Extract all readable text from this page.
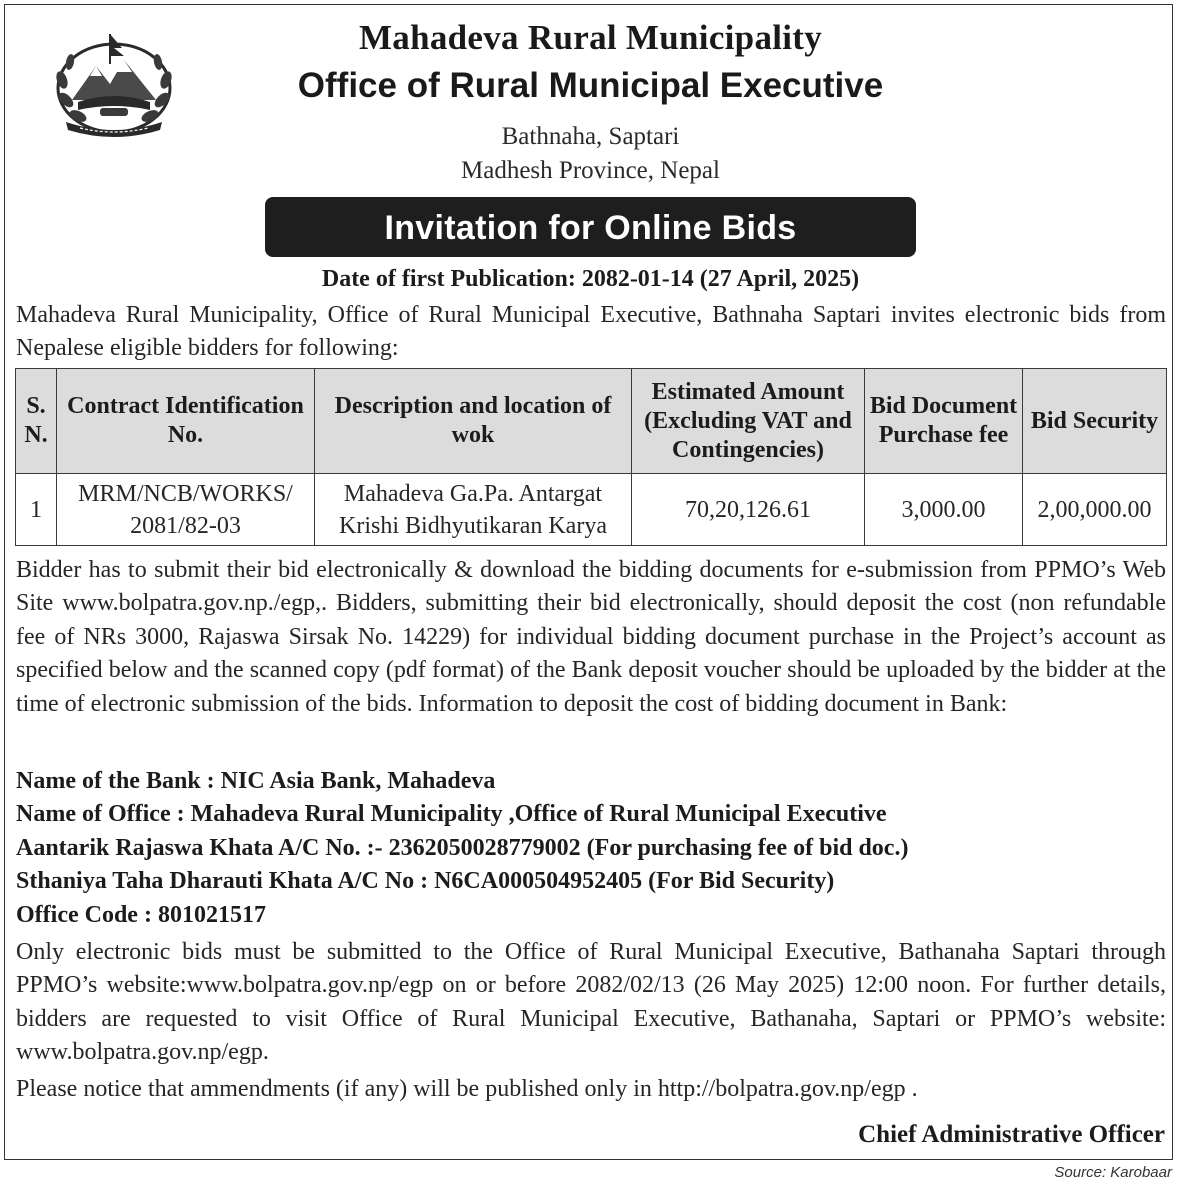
Mahadeva Rural Municipality
Office of Rural Municipal Executive
Bathnaha, Saptari
Madhesh Province, Nepal
Invitation for Online Bids
Date of first Publication: 2082-01-14 (27 April, 2025)
Mahadeva Rural Municipality, Office of Rural Municipal Executive, Bathnaha Saptari invites electronic bids from Nepalese eligible bidders for following:
S. N.	Contract Identification No.	Description and location of wok	Estimated Amount (Excluding VAT and Contingencies)	Bid Document Purchase fee	Bid Security
1	MRM/NCB/WORKS/ 2081/82-03	Mahadeva Ga.Pa. Antargat Krishi Bidhyutikaran Karya	70,20,126.61	3,000.00	2,00,000.00
Bidder has to submit their bid electronically & download the bidding documents for e-submission from PPMO’s Web Site www.bolpatra.gov.np./egp,. Bidders, submitting their bid electronically, should deposit the cost (non refundable fee of NRs 3000, Rajaswa Sirsak No. 14229) for individual bidding document purchase in the Project’s account as specified below and the scanned copy (pdf format) of the Bank deposit voucher should be uploaded by the bidder at the time of electronic submission of the bids. Information to deposit the cost of bidding document in Bank:
Name of the Bank : NIC Asia Bank, Mahadeva
Name of Office : Mahadeva Rural Municipality ,Office of Rural Municipal Executive
Aantarik Rajaswa Khata A/C No. :- 2362050028779002 (For purchasing fee of bid doc.)
Sthaniya Taha Dharauti Khata A/C No : N6CA000504952405 (For Bid Security)
Office Code : 801021517
Only electronic bids must be submitted to the Office of Rural Municipal Executive, Bathanaha Saptari through PPMO’s website:www.bolpatra.gov.np/egp on or before 2082/02/13 (26 May 2025) 12:00 noon. For further details, bidders are requested to visit Office of Rural Municipal Executive, Bathanaha, Saptari or PPMO’s website: www.bolpatra.gov.np/egp.
Please notice that ammendments (if any) will be published only in http://bolpatra.gov.np/egp .
Chief Administrative Officer
Source: Karobaar
